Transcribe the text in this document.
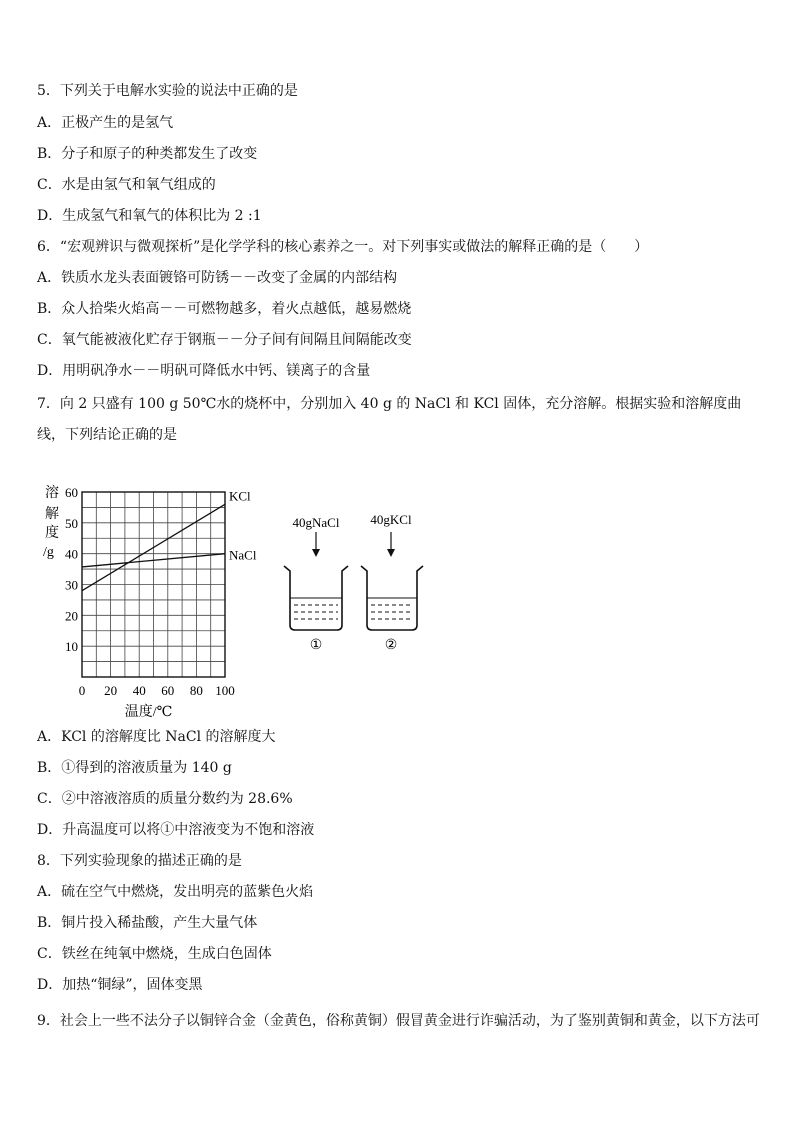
5．下列关于电解水实验的说法中正确的是
A．正极产生的是氢气
B．分子和原子的种类都发生了改变
C．水是由氢气和氧气组成的
D．生成氢气和氧气的体积比为 2 :1
6．“宏观辨识与微观探析”是化学学科的核心素养之一。对下列事实或做法的解释正确的是（　　）
A．铁质水龙头表面镀铬可防锈－－改变了金属的内部结构
B．众人拾柴火焰高－－可燃物越多，着火点越低，越易燃烧
C．氧气能被液化贮存于钢瓶－－分子间有间隔且间隔能改变
D．用明矾净水－－明矾可降低水中钙、镁离子的含量
7．向 2 只盛有 100 g 50℃水的烧杯中，分别加入 40 g 的 NaCl 和 KCl 固体，充分溶解。根据实验和溶解度曲线，下列结论正确的是
10
20
30
40
50
60
0 20 40 60 80 100
KCl
NaCl
溶
解
度
/g
温度/℃
40gNaCl
①
40gKCl
②
A．KCl 的溶解度比 NaCl 的溶解度大
B．①得到的溶液质量为 140 g
C．②中溶液溶质的质量分数约为 28.6%
D．升高温度可以将①中溶液变为不饱和溶液
8．下列实验现象的描述正确的是
A．硫在空气中燃烧，发出明亮的蓝紫色火焰
B．铜片投入稀盐酸，产生大量气体
C．铁丝在纯氧中燃烧，生成白色固体
D．加热“铜绿”，固体变黑
9．社会上一些不法分子以铜锌合金（金黄色，俗称黄铜）假冒黄金进行诈骗活动，为了鉴别黄铜和黄金，以下方法可
